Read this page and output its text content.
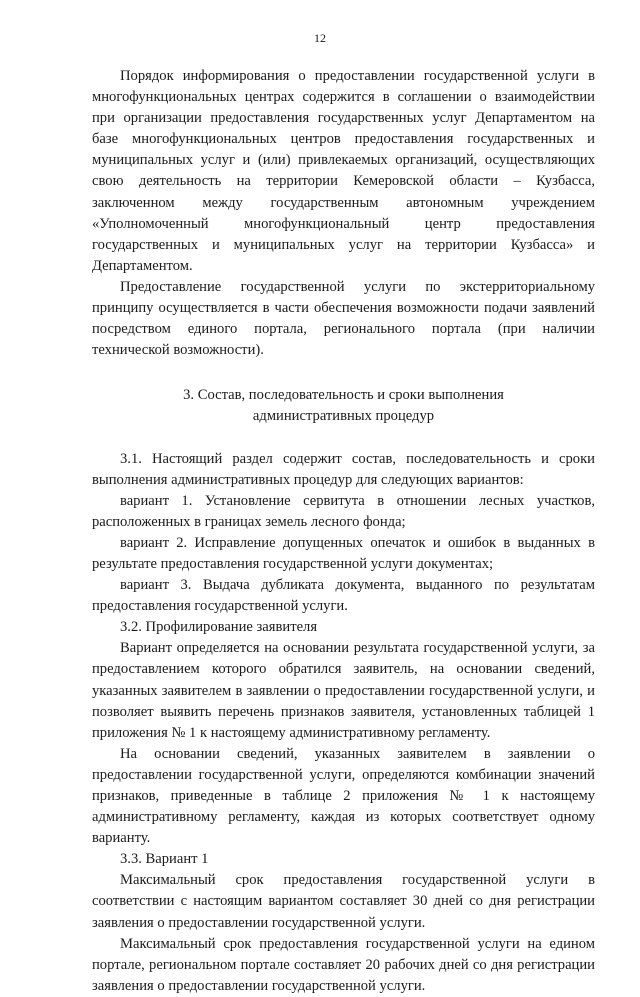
12

Порядок информирования о предоставлении государственной услуги в многофункциональных центрах содержится в соглашении о взаимодействии при организации предоставления государственных услуг Департаментом на базе многофункциональных центров предоставления государственных и муниципальных услуг и (или) привлекаемых организаций, осуществляющих свою деятельность на территории Кемеровской области – Кузбасса, заключенном между государственным автономным учреждением «Уполномоченный многофункциональный центр предоставления государственных и муниципальных услуг на территории Кузбасса» и Департаментом.

Предоставление государственной услуги по экстерриториальному принципу осуществляется в части обеспечения возможности подачи заявлений посредством единого портала, регионального портала (при наличии технической возможности).

3. Состав, последовательность и сроки выполнения
административных процедур

3.1. Настоящий раздел содержит состав, последовательность и сроки выполнения административных процедур для следующих вариантов:

вариант 1. Установление сервитута в отношении лесных участков, расположенных в границах земель лесного фонда;

вариант 2. Исправление допущенных опечаток и ошибок в выданных в результате предоставления государственной услуги документах;

вариант 3. Выдача дубликата документа, выданного по результатам предоставления государственной услуги.

3.2. Профилирование заявителя

Вариант определяется на основании результата государственной услуги, за предоставлением которого обратился заявитель, на основании сведений, указанных заявителем в заявлении о предоставлении государственной услуги, и позволяет выявить перечень признаков заявителя, установленных таблицей 1 приложения № 1 к настоящему административному регламенту.

На основании сведений, указанных заявителем в заявлении о предоставлении государственной услуги, определяются комбинации значений признаков, приведенные в таблице 2 приложения № 1 к настоящему административному регламенту, каждая из которых соответствует одному варианту.

3.3. Вариант 1

Максимальный срок предоставления государственной услуги в соответствии с настоящим вариантом составляет 30 дней со дня регистрации заявления о предоставлении государственной услуги.

Максимальный срок предоставления государственной услуги на едином портале, региональном портале составляет 20 рабочих дней со дня регистрации заявления о предоставлении государственной услуги.
